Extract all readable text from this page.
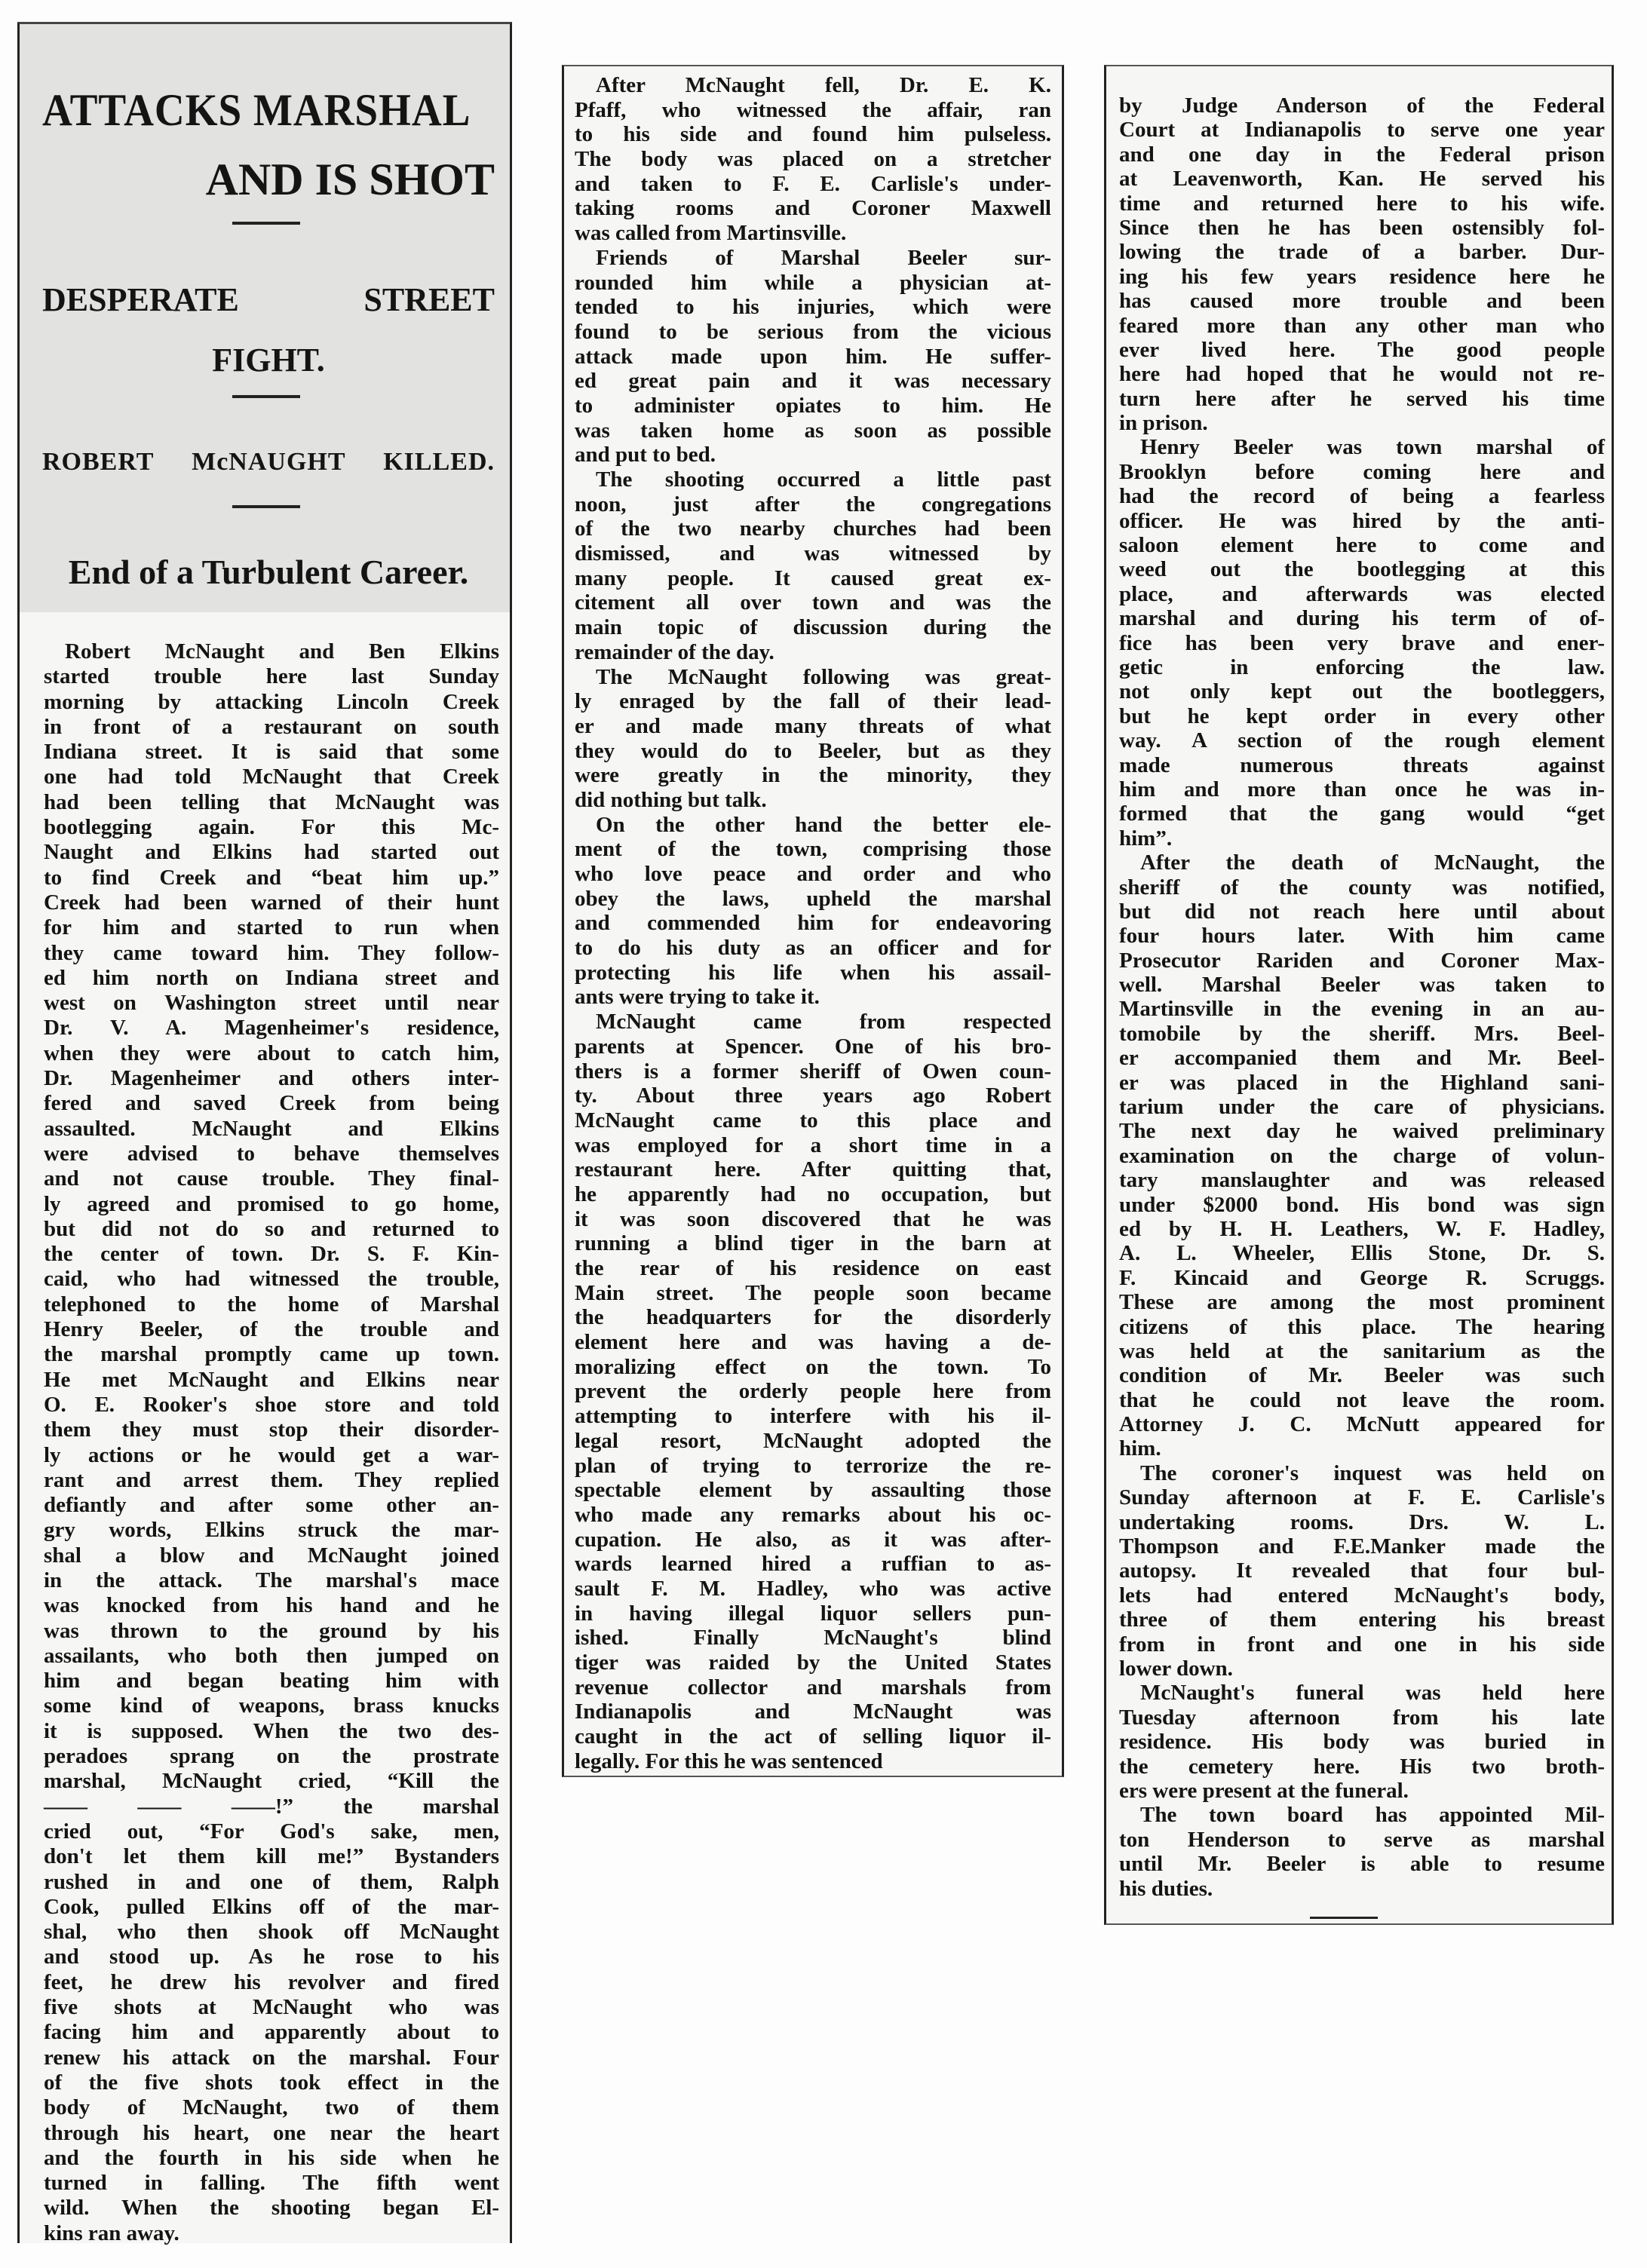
ATTACKS MARSHAL
AND IS SHOT
DESPERATE STREET
FIGHT.
ROBERT McNAUGHT KILLED.
End of a Turbulent Career.
Robert McNaught and Ben Elkins
started trouble here last Sunday
morning by attacking Lincoln Creek
in front of a restaurant on south
Indiana street. It is said that some
one had told McNaught that Creek
had been telling that McNaught was
bootlegging again. For this Mc-
Naught and Elkins had started out
to find Creek and “beat him up.”
Creek had been warned of their hunt
for him and started to run when
they came toward him. They follow-
ed him north on Indiana street and
west on Washington street until near
Dr. V. A. Magenheimer's residence,
when they were about to catch him,
Dr. Magenheimer and others inter-
fered and saved Creek from being
assaulted. McNaught and Elkins
were advised to behave themselves
and not cause trouble. They final-
ly agreed and promised to go home,
but did not do so and returned to
the center of town. Dr. S. F. Kin-
caid, who had witnessed the trouble,
telephoned to the home of Marshal
Henry Beeler, of the trouble and
the marshal promptly came up town.
He met McNaught and Elkins near
O. E. Rooker's shoe store and told
them they must stop their disorder-
ly actions or he would get a war-
rant and arrest them. They replied
defiantly and after some other an-
gry words, Elkins struck the mar-
shal a blow and McNaught joined
in the attack. The marshal's mace
was knocked from his hand and he
was thrown to the ground by his
assailants, who both then jumped on
him and began beating him with
some kind of weapons, brass knucks
it is supposed. When the two des-
peradoes sprang on the prostrate
marshal, McNaught cried, “Kill the
—— —— ——!” the marshal
cried out, “For God's sake, men,
don't let them kill me!” Bystanders
rushed in and one of them, Ralph
Cook, pulled Elkins off of the mar-
shal, who then shook off McNaught
and stood up. As he rose to his
feet, he drew his revolver and fired
five shots at McNaught who was
facing him and apparently about to
renew his attack on the marshal. Four
of the five shots took effect in the
body of McNaught, two of them
through his heart, one near the heart
and the fourth in his side when he
turned in falling. The fifth went
wild. When the shooting began El-
kins ran away.
After McNaught fell, Dr. E. K.
Pfaff, who witnessed the affair, ran
to his side and found him pulseless.
The body was placed on a stretcher
and taken to F. E. Carlisle's under-
taking rooms and Coroner Maxwell
was called from Martinsville.
Friends of Marshal Beeler sur-
rounded him while a physician at-
tended to his injuries, which were
found to be serious from the vicious
attack made upon him. He suffer-
ed great pain and it was necessary
to administer opiates to him. He
was taken home as soon as possible
and put to bed.
The shooting occurred a little past
noon, just after the congregations
of the two nearby churches had been
dismissed, and was witnessed by
many people. It caused great ex-
citement all over town and was the
main topic of discussion during the
remainder of the day.
The McNaught following was great-
ly enraged by the fall of their lead-
er and made many threats of what
they would do to Beeler, but as they
were greatly in the minority, they
did nothing but talk.
On the other hand the better ele-
ment of the town, comprising those
who love peace and order and who
obey the laws, upheld the marshal
and commended him for endeavoring
to do his duty as an officer and for
protecting his life when his assail-
ants were trying to take it.
McNaught came from respected
parents at Spencer. One of his bro-
thers is a former sheriff of Owen coun-
ty. About three years ago Robert
McNaught came to this place and
was employed for a short time in a
restaurant here. After quitting that,
he apparently had no occupation, but
it was soon discovered that he was
running a blind tiger in the barn at
the rear of his residence on east
Main street. The people soon became
the headquarters for the disorderly
element here and was having a de-
moralizing effect on the town. To
prevent the orderly people here from
attempting to interfere with his il-
legal resort, McNaught adopted the
plan of trying to terrorize the re-
spectable element by assaulting those
who made any remarks about his oc-
cupation. He also, as it was after-
wards learned hired a ruffian to as-
sault F. M. Hadley, who was active
in having illegal liquor sellers pun-
ished. Finally McNaught's blind
tiger was raided by the United States
revenue collector and marshals from
Indianapolis and McNaught was
caught in the act of selling liquor il-
legally. For this he was sentenced
by Judge Anderson of the Federal
Court at Indianapolis to serve one year
and one day in the Federal prison
at Leavenworth, Kan. He served his
time and returned here to his wife.
Since then he has been ostensibly fol-
lowing the trade of a barber. Dur-
ing his few years residence here he
has caused more trouble and been
feared more than any other man who
ever lived here. The good people
here had hoped that he would not re-
turn here after he served his time
in prison.
Henry Beeler was town marshal of
Brooklyn before coming here and
had the record of being a fearless
officer. He was hired by the anti-
saloon element here to come and
weed out the bootlegging at this
place, and afterwards was elected
marshal and during his term of of-
fice has been very brave and ener-
getic in enforcing the law.
not only kept out the bootleggers,
but he kept order in every other
way. A section of the rough element
made numerous threats against
him and more than once he was in-
formed that the gang would “get
him”.
After the death of McNaught, the
sheriff of the county was notified,
but did not reach here until about
four hours later. With him came
Prosecutor Rariden and Coroner Max-
well. Marshal Beeler was taken to
Martinsville in the evening in an au-
tomobile by the sheriff. Mrs. Beel-
er accompanied them and Mr. Beel-
er was placed in the Highland sani-
tarium under the care of physicians.
The next day he waived preliminary
examination on the charge of volun-
tary manslaughter and was released
under $2000 bond. His bond was sign
ed by H. H. Leathers, W. F. Hadley,
A. L. Wheeler, Ellis Stone, Dr. S.
F. Kincaid and George R. Scruggs.
These are among the most prominent
citizens of this place. The hearing
was held at the sanitarium as the
condition of Mr. Beeler was such
that he could not leave the room.
Attorney J. C. McNutt appeared for
him.
The coroner's inquest was held on
Sunday afternoon at F. E. Carlisle's
undertaking rooms. Drs. W. L.
Thompson and F.E.Manker made the
autopsy. It revealed that four bul-
lets had entered McNaught's body,
three of them entering his breast
from in front and one in his side
lower down.
McNaught's funeral was held here
Tuesday afternoon from his late
residence. His body was buried in
the cemetery here. His two broth-
ers were present at the funeral.
The town board has appointed Mil-
ton Henderson to serve as marshal
until Mr. Beeler is able to resume
his duties.
